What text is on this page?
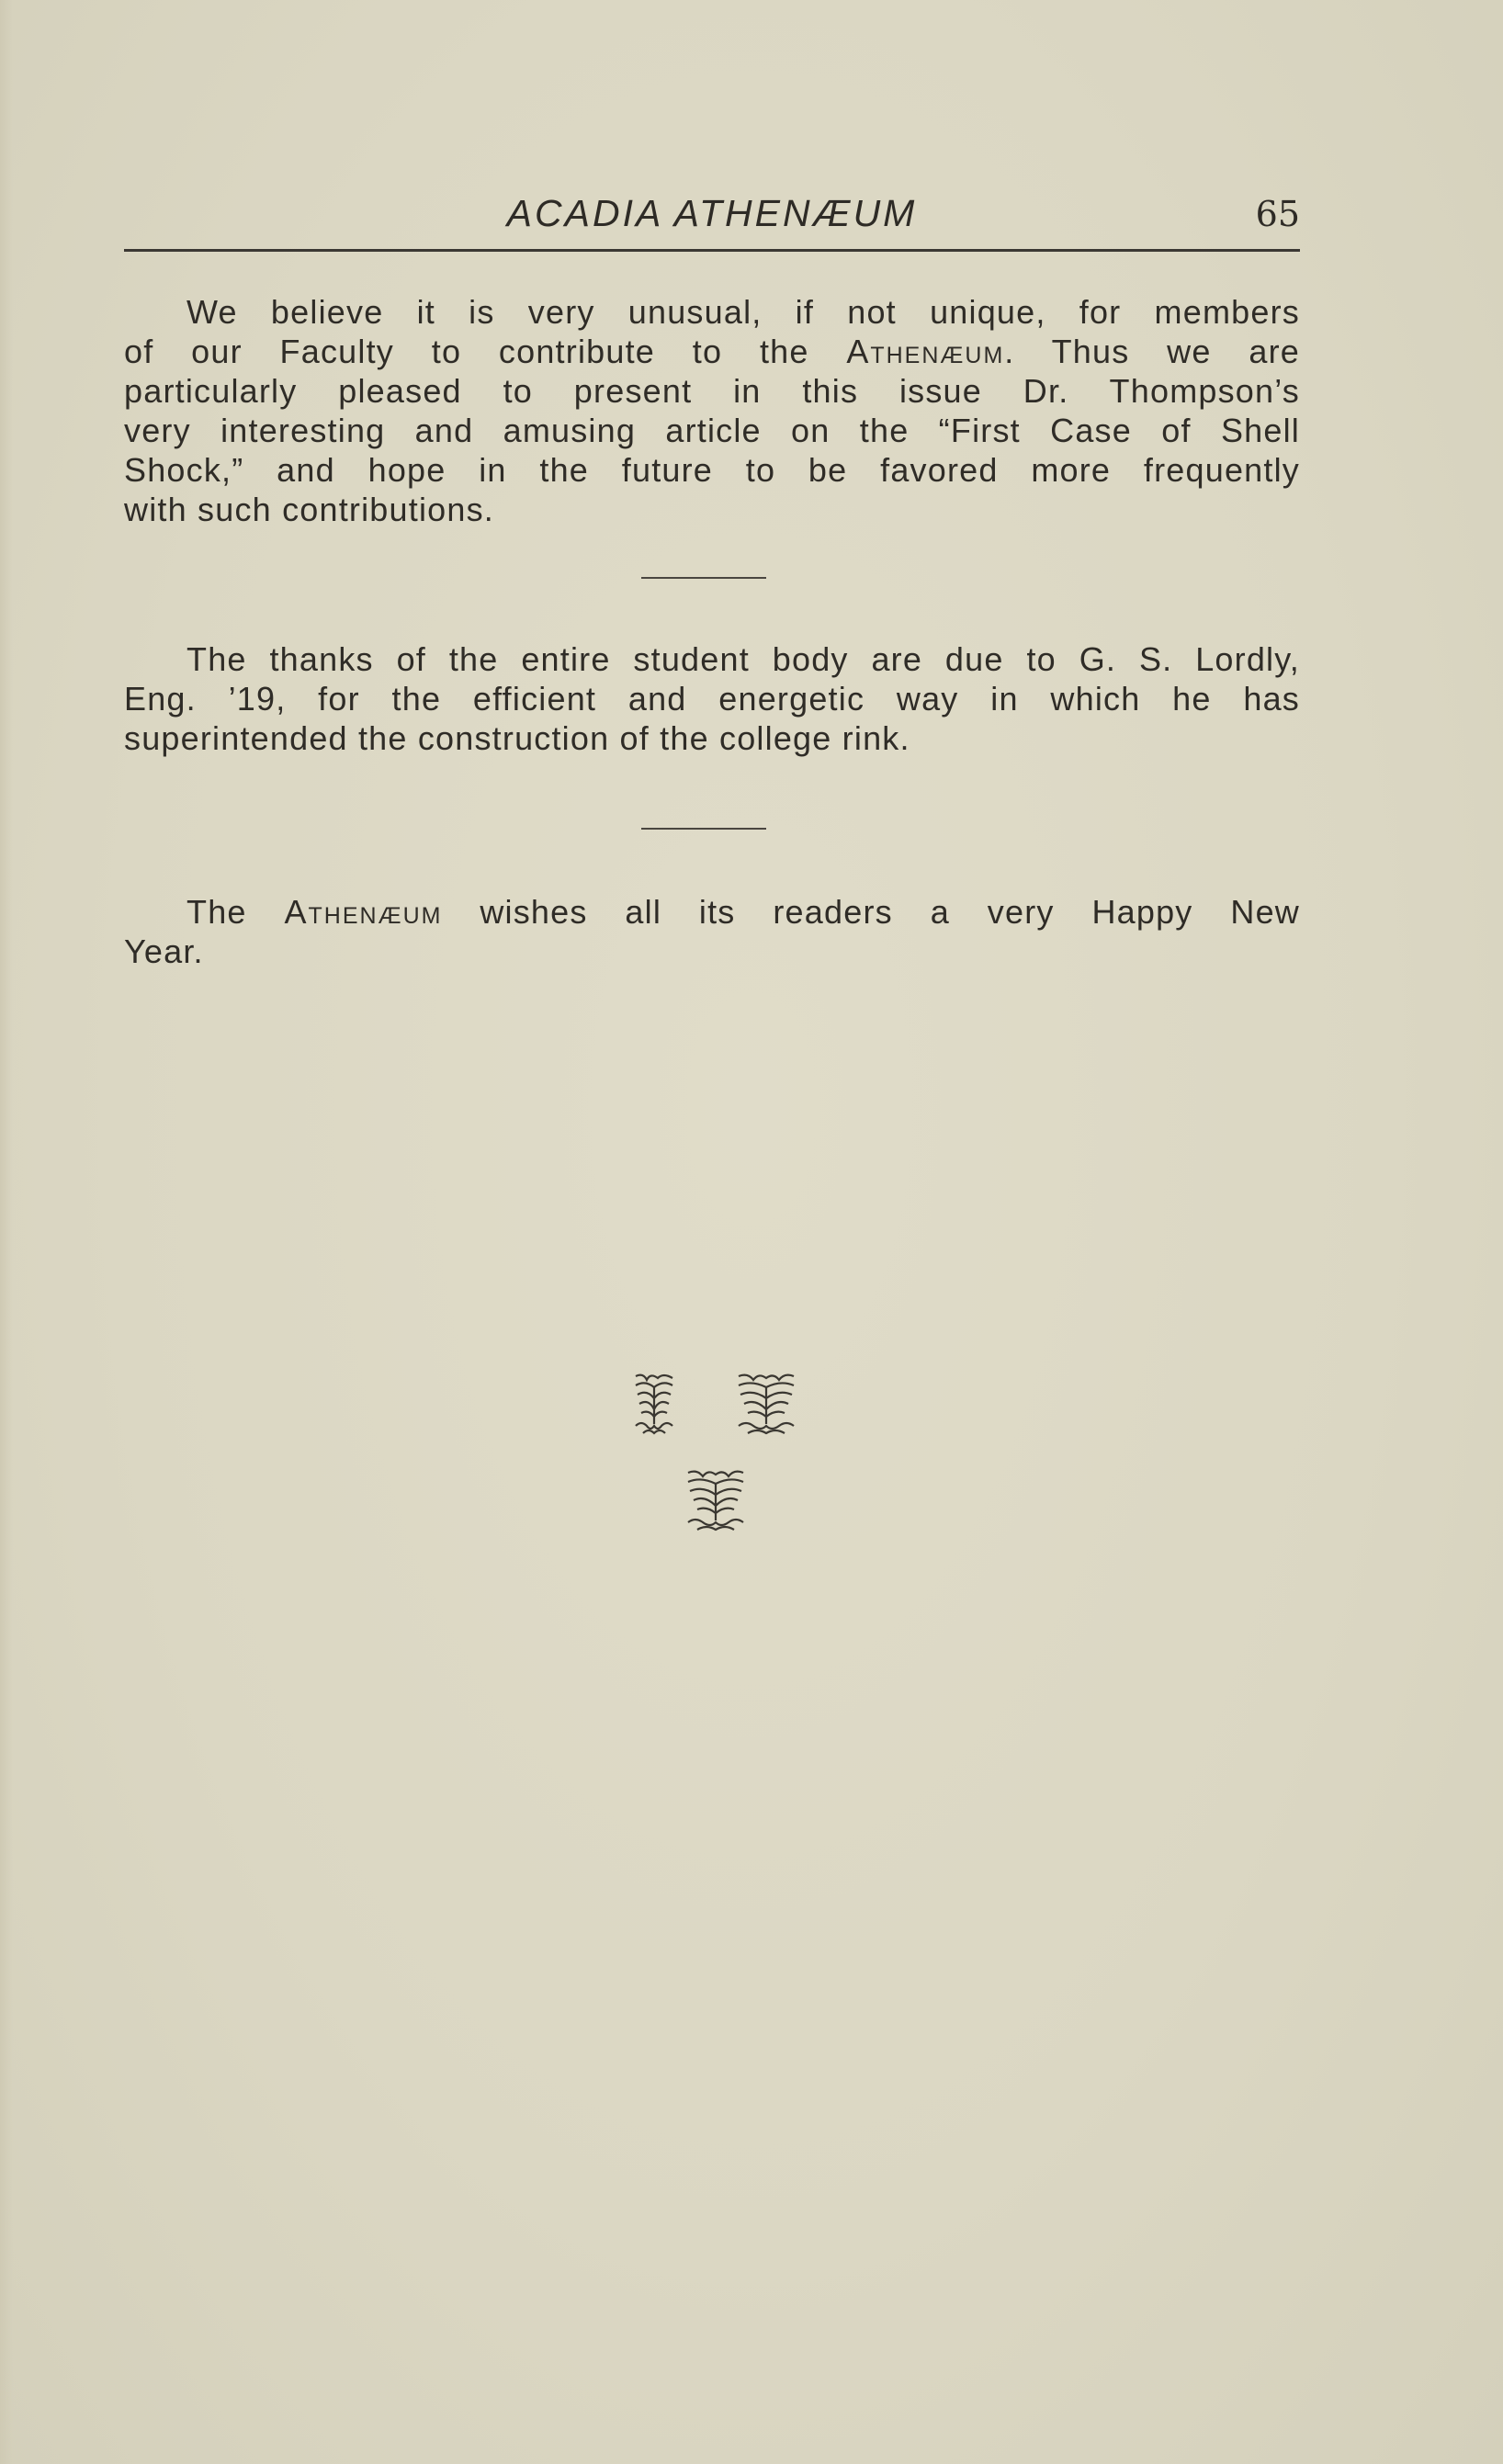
ACADIA ATHENÆUM	65
We believe it is very unusual, if not unique, for members
of our Faculty to contribute to the Athenæum. Thus we are
particularly pleased to present in this issue Dr. Thompson’s
very interesting and amusing article on the “First Case of Shell
Shock,” and hope in the future to be favored more frequently
with such contributions.
The thanks of the entire student body are due to G. S. Lordly,
Eng. ’19, for the efficient and energetic way in which he has
superintended the construction of the college rink.
The Athenæum wishes all its readers a very Happy New
Year.
